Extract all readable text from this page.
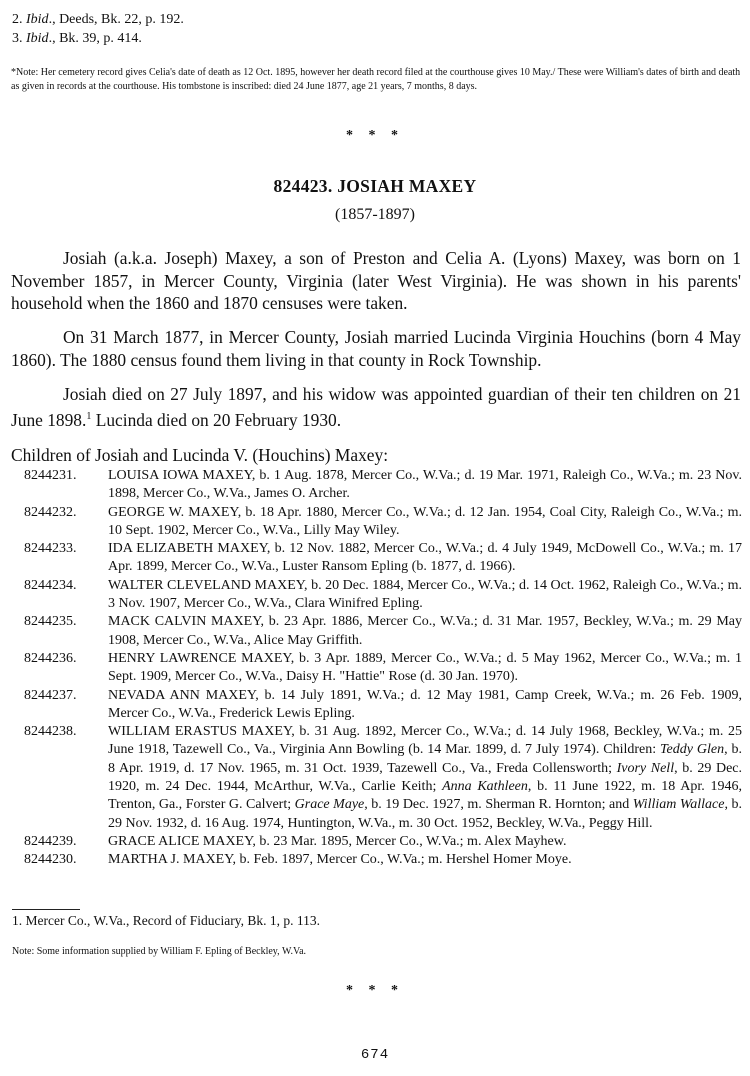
2. Ibid., Deeds, Bk. 22, p. 192.
3. Ibid., Bk. 39, p. 414.
*Note: Her cemetery record gives Celia's date of death as 12 Oct. 1895, however her death record filed at the courthouse gives 10 May./ These were William's dates of birth and death as given in records at the courthouse. His tombstone is inscribed: died 24 June 1877, age 21 years, 7 months, 8 days.
* * *
824423. JOSIAH MAXEY
(1857-1897)
Josiah (a.k.a. Joseph) Maxey, a son of Preston and Celia A. (Lyons) Maxey, was born on 1 November 1857, in Mercer County, Virginia (later West Virginia). He was shown in his parents' household when the 1860 and 1870 censuses were taken.
On 31 March 1877, in Mercer County, Josiah married Lucinda Virginia Houchins (born 4 May 1860). The 1880 census found them living in that county in Rock Township.
Josiah died on 27 July 1897, and his widow was appointed guardian of their ten children on 21 June 1898.$^1$ Lucinda died on 20 February 1930.
Children of Josiah and Lucinda V. (Houchins) Maxey:
8244231.	LOUISA IOWA MAXEY, b. 1 Aug. 1878, Mercer Co., W.Va.; d. 19 Mar. 1971, Raleigh Co., W.Va.; m. 23 Nov. 1898, Mercer Co., W.Va., James O. Archer.
8244232.	GEORGE W. MAXEY, b. 18 Apr. 1880, Mercer Co., W.Va.; d. 12 Jan. 1954, Coal City, Raleigh Co., W.Va.; m. 10 Sept. 1902, Mercer Co., W.Va., Lilly May Wiley.
8244233.	IDA ELIZABETH MAXEY, b. 12 Nov. 1882, Mercer Co., W.Va.; d. 4 July 1949, McDowell Co., W.Va.; m. 17 Apr. 1899, Mercer Co., W.Va., Luster Ransom Epling (b. 1877, d. 1966).
8244234.	WALTER CLEVELAND MAXEY, b. 20 Dec. 1884, Mercer Co., W.Va.; d. 14 Oct. 1962, Raleigh Co., W.Va.; m. 3 Nov. 1907, Mercer Co., W.Va., Clara Winifred Epling.
8244235.	MACK CALVIN MAXEY, b. 23 Apr. 1886, Mercer Co., W.Va.; d. 31 Mar. 1957, Beckley, W.Va.; m. 29 May 1908, Mercer Co., W.Va., Alice May Griffith.
8244236.	HENRY LAWRENCE MAXEY, b. 3 Apr. 1889, Mercer Co., W.Va.; d. 5 May 1962, Mercer Co., W.Va.; m. 1 Sept. 1909, Mercer Co., W.Va., Daisy H. "Hattie" Rose (d. 30 Jan. 1970).
8244237.	NEVADA ANN MAXEY, b. 14 July 1891, W.Va.; d. 12 May 1981, Camp Creek, W.Va.; m. 26 Feb. 1909, Mercer Co., W.Va., Frederick Lewis Epling.
8244238.	WILLIAM ERASTUS MAXEY, b. 31 Aug. 1892, Mercer Co., W.Va.; d. 14 July 1968, Beckley, W.Va.; m. 25 June 1918, Tazewell Co., Va., Virginia Ann Bowling (b. 14 Mar. 1899, d. 7 July 1974). Children: Teddy Glen, b. 8 Apr. 1919, d. 17 Nov. 1965, m. 31 Oct. 1939, Tazewell Co., Va., Freda Collensworth; Ivory Nell, b. 29 Dec. 1920, m. 24 Dec. 1944, McArthur, W.Va., Carlie Keith; Anna Kathleen, b. 11 June 1922, m. 18 Apr. 1946, Trenton, Ga., Forster G. Calvert; Grace Maye, b. 19 Dec. 1927, m. Sherman R. Hornton; and William Wallace, b. 29 Nov. 1932, d. 16 Aug. 1974, Huntington, W.Va., m. 30 Oct. 1952, Beckley, W.Va., Peggy Hill.
8244239.	GRACE ALICE MAXEY, b. 23 Mar. 1895, Mercer Co., W.Va.; m. Alex Mayhew.
8244230.	MARTHA J. MAXEY, b. Feb. 1897, Mercer Co., W.Va.; m. Hershel Homer Moye.
1. Mercer Co., W.Va., Record of Fiduciary, Bk. 1, p. 113.
Note: Some information supplied by William F. Epling of Beckley, W.Va.
* * *
674
